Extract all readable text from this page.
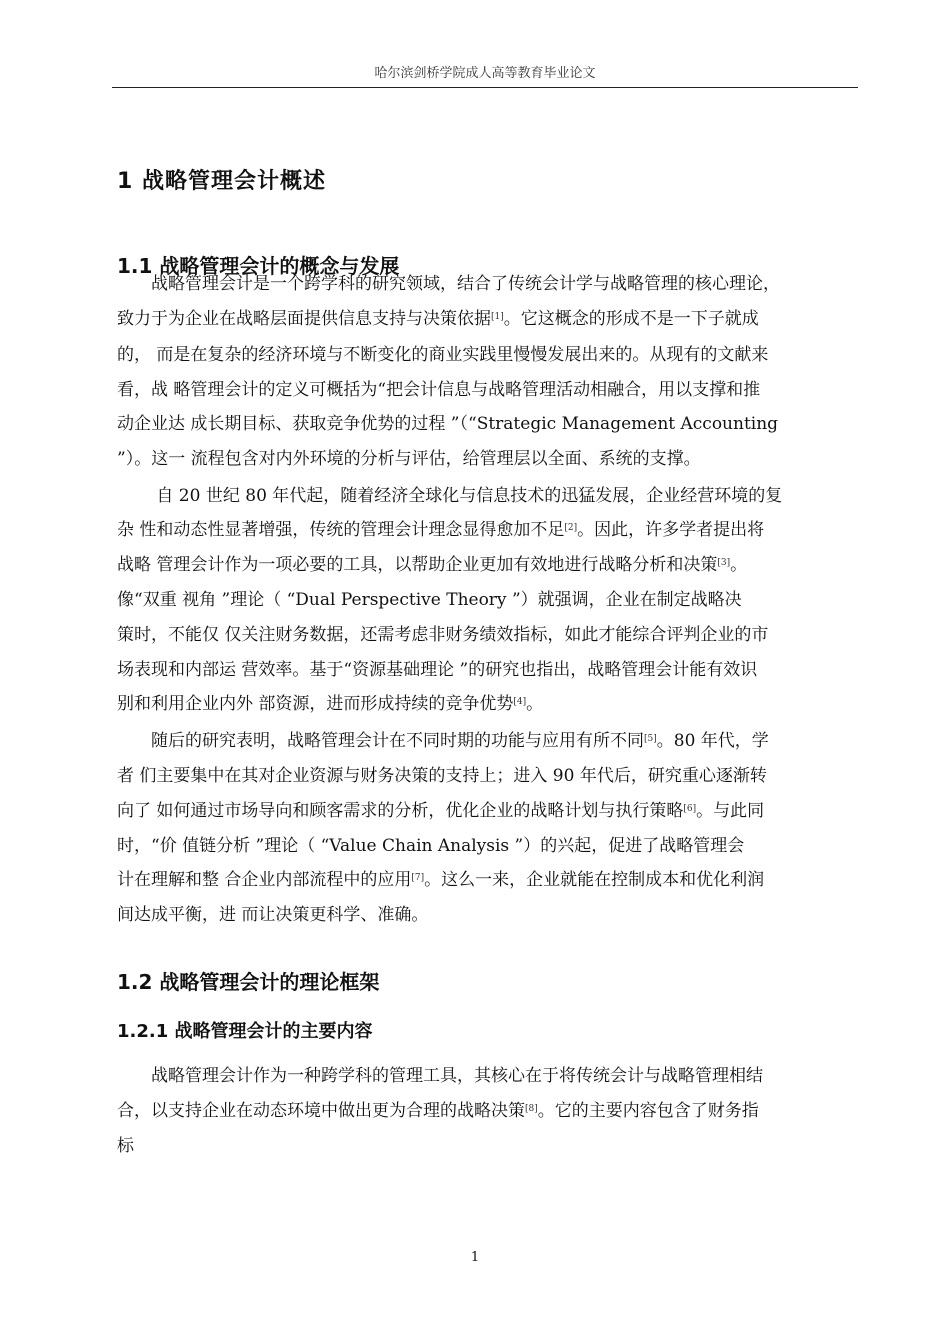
哈尔滨剑桥学院成人高等教育毕业论文
1 战略管理会计概述
1.1 战略管理会计的概念与发展
　　战略管理会计是一个跨学科的研究领域，结合了传统会计学与战略管理的核心理论，
致力于为企业在战略层面提供信息支持与决策依据[1]。它这概念的形成不是一下子就成
的， 而是在复杂的经济环境与不断变化的商业实践里慢慢发展出来的。从现有的文献来
看，战 略管理会计的定义可概括为“把会计信息与战略管理活动相融合，用以支撑和推
动企业达 成长期目标、获取竞争优势的过程 ”（“Strategic Management Accounting
”）。这一 流程包含对内外环境的分析与评估，给管理层以全面、系统的支撑。
　　 自 20 世纪 80 年代起，随着经济全球化与信息技术的迅猛发展，企业经营环境的复
杂 性和动态性显著增强，传统的管理会计理念显得愈加不足[2]。因此，许多学者提出将
战略 管理会计作为一项必要的工具，以帮助企业更加有效地进行战略分析和决策[3]。
像“双重 视角 ”理论（ “Dual Perspective Theory ”）就强调，企业在制定战略决
策时，不能仅 仅关注财务数据，还需考虑非财务绩效指标，如此才能综合评判企业的市
场表现和内部运 营效率。基于“资源基础理论 ”的研究也指出，战略管理会计能有效识
别和利用企业内外 部资源，进而形成持续的竞争优势[4]。
　　随后的研究表明，战略管理会计在不同时期的功能与应用有所不同[5]。80 年代，学
者 们主要集中在其对企业资源与财务决策的支持上；进入 90 年代后，研究重心逐渐转
向了 如何通过市场导向和顾客需求的分析，优化企业的战略计划与执行策略[6]。与此同
时，“价 值链分析 ”理论（ “Value Chain Analysis ”）的兴起，促进了战略管理会
计在理解和整 合企业内部流程中的应用[7]。这么一来，企业就能在控制成本和优化利润
间达成平衡，进 而让决策更科学、准确。
1.2 战略管理会计的理论框架
1.2.1 战略管理会计的主要内容
　　战略管理会计作为一种跨学科的管理工具，其核心在于将传统会计与战略管理相结
合，以支持企业在动态环境中做出更为合理的战略决策[8]。它的主要内容包含了财务指
标
1
